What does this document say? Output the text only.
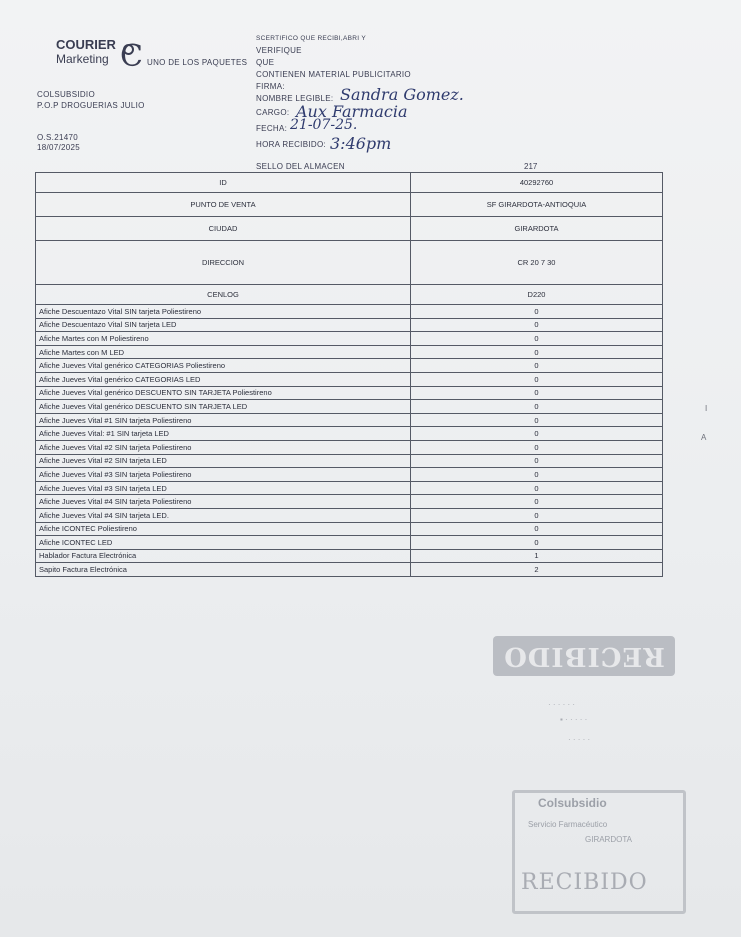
COURIER
Marketing C UNO DE LOS PAQUETES
COLSUBSIDIO
P.O.P DROGUERIAS JULIO
O.S.21470
18/07/2025
SCERTIFICO QUE RECIBI,ABRI Y
VERIFIQUE
QUE
CONTIENEN MATERIAL PUBLICITARIO
FIRMA:
NOMBRE LEGIBLE: Sandra Gomez.
CARGO: Aux Farmacia
FECHA: 21-07-25.
HORA RECIBIDO: 3:46pm
SELLO DEL ALMACEN	217
ID	40292760
PUNTO DE VENTA	SF GIRARDOTA-ANTIOQUIA
CIUDAD	GIRARDOTA
DIRECCION	CR 20 7 30
CENLOG	D220
Afiche Descuentazo Vital SIN tarjeta Poliestireno	0
Afiche Descuentazo Vital SIN tarjeta LED	0
Afiche Martes con M Poliestireno	0
Afiche Martes con M LED	0
Afiche Jueves Vital genérico CATEGORIAS Poliestireno	0
Afiche Jueves Vital genérico CATEGORIAS LED	0
Afiche Jueves Vital genérico DESCUENTO SIN TARJETA Poliestireno	0
Afiche Jueves Vital genérico DESCUENTO SIN TARJETA LED	0
Afiche Jueves Vital #1 SIN tarjeta Poliestireno	0
Afiche Jueves Vital: #1 SIN tarjeta LED	0
Afiche Jueves Vital #2 SIN tarjeta Poliestireno	0
Afiche Jueves Vital #2 SIN tarjeta LED	0
Afiche Jueves Vital #3 SIN tarjeta Poliestireno	0
Afiche Jueves Vital #3 SIN tarjeta LED	0
Afiche Jueves Vital #4 SIN tarjeta Poliestireno	0
Afiche Jueves Vital #4 SIN tarjeta LED.	0
Afiche ICONTEC Poliestireno	0
Afiche ICONTEC LED	0
Hablador Factura Electrónica	1
Sapito Factura Electrónica	2
I
A
RECIBIDO
· · · · · ·
▪ · · · · ·
· · · · ·
Colsubsidio
Servicio Farmacéutico
GIRARDOTA
RECIBIDO
